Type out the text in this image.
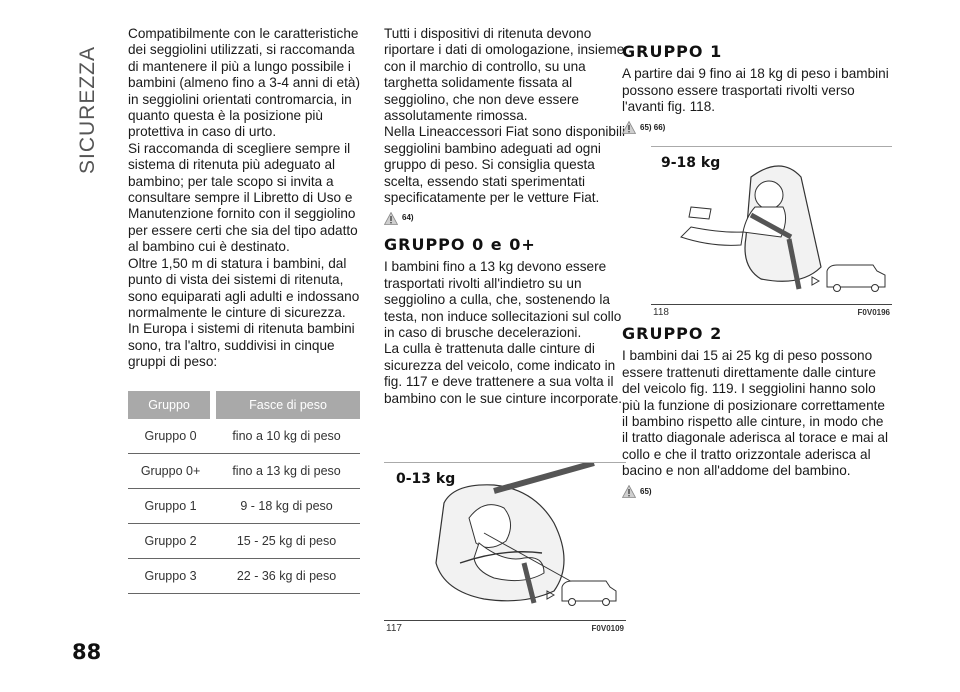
SICUREZZA
88

Compatibilmente con le caratteristiche dei seggiolini utilizzati, si raccomanda di mantenere il più a lungo possibile i bambini (almeno fino a 3-4 anni di età) in seggiolini orientati contromarcia, in quanto questa è la posizione più protettiva in caso di urto.

Si raccomanda di scegliere sempre il sistema di ritenuta più adeguato al bambino; per tale scopo si invita a consultare sempre il Libretto di Uso e Manutenzione fornito con il seggiolino per essere certi che sia del tipo adatto al bambino cui è destinato.

Oltre 1,50 m di statura i bambini, dal punto di vista dei sistemi di ritenuta, sono equiparati agli adulti e indossano normalmente le cinture di sicurezza.

In Europa i sistemi di ritenuta bambini sono, tra l'altro, suddivisi in cinque gruppi di peso:

Gruppo	Fasce di peso
Gruppo 0	fino a 10 kg di peso
Gruppo 0+	fino a 13 kg di peso
Gruppo 1	9 - 18 kg di peso
Gruppo 2	15 - 25 kg di peso
Gruppo 3	22 - 36 kg di peso

Tutti i dispositivi di ritenuta devono riportare i dati di omologazione, insieme con il marchio di controllo, su una targhetta solidamente fissata al seggiolino, che non deve essere assolutamente rimossa.

Nella Lineaccessori Fiat sono disponibili seggiolini bambino adeguati ad ogni gruppo di peso. Si consiglia questa scelta, essendo stati sperimentati specificatamente per le vetture Fiat.

64)
GRUPPO 0 e 0+

I bambini fino a 13 kg devono essere trasportati rivolti all'indietro su un seggiolino a culla, che, sostenendo la testa, non induce sollecitazioni sul collo in caso di brusche decelerazioni.

La culla è trattenuta dalle cinture di sicurezza del veicolo, come indicato in fig. 117 e deve trattenere a sua volta il bambino con le sue cinture incorporate.

0-13 kg
117	F0V0109
GRUPPO 1

A partire dai 9 fino ai 18 kg di peso i bambini possono essere trasportati rivolti verso l'avanti fig. 118.

65) 66)
9-18 kg
118	F0V0196
GRUPPO 2

I bambini dai 15 ai 25 kg di peso possono essere trattenuti direttamente dalle cinture del veicolo fig. 119. I seggiolini hanno solo più la funzione di posizionare correttamente il bambino rispetto alle cinture, in modo che il tratto diagonale aderisca al torace e mai al collo e che il tratto orizzontale aderisca al bacino e non all'addome del bambino.

65)
